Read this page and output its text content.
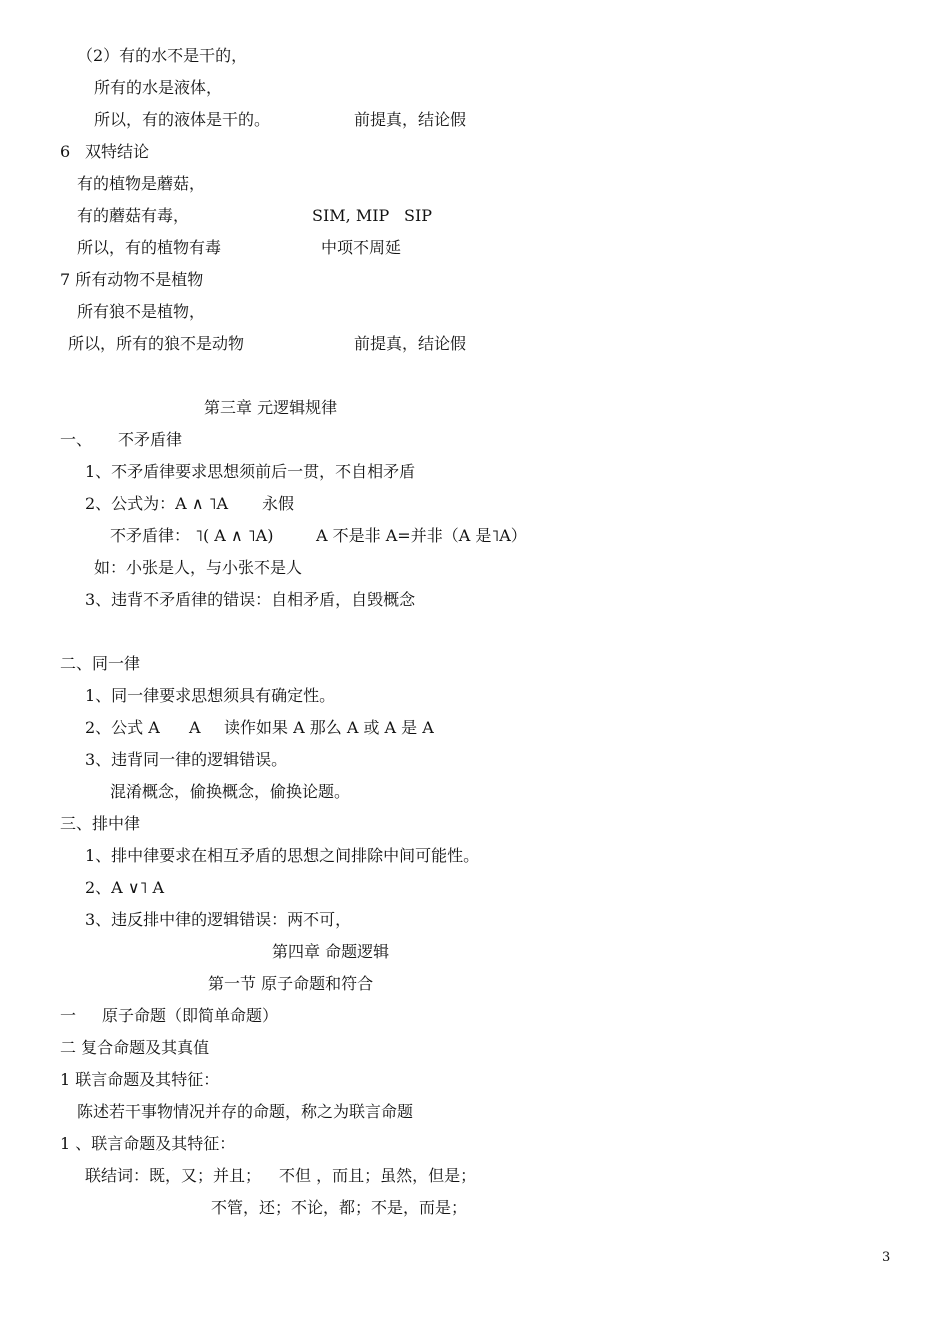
（2）有的水不是干的，
所有的水是液体，
所以，有的液体是干的。	前提真，结论假
6 双特结论
有的植物是蘑菇，
有的蘑菇有毒，	SIM, MIP SIP
所以，有的植物有毒	中项不周延
7 所有动物不是植物
所有狼不是植物，
所以，所有的狼不是动物	前提真，结论假
第三章 元逻辑规律
一、 不矛盾律
1、不矛盾律要求思想须前后一贯，不自相矛盾
2、公式为：A ∧ ˥A 永假
不矛盾律： ˥( A ∧ ˥A)	A 不是非 A=并非（A 是˥A）
如：小张是人，与小张不是人
3、违背不矛盾律的错误：自相矛盾，自毁概念
二、同一律
1、同一律要求思想须具有确定性。
2、公式 A A 读作如果 A 那么 A 或 A 是 A
3、违背同一律的逻辑错误。
混淆概念，偷换概念，偷换论题。
三、排中律
1、排中律要求在相互矛盾的思想之间排除中间可能性。
2、A ∨˥ A
3、违反排中律的逻辑错误：两不可，
第四章 命题逻辑
第一节 原子命题和符合
一 原子命题（即简单命题）
二 复合命题及其真值
1 联言命题及其特征：
陈述若干事物情况并存的命题，称之为联言命题
1 、联言命题及其特征：
联结词：既，又；并且； 不但 ，而且；虽然，但是；
不管，还；不论，都；不是，而是；
3
